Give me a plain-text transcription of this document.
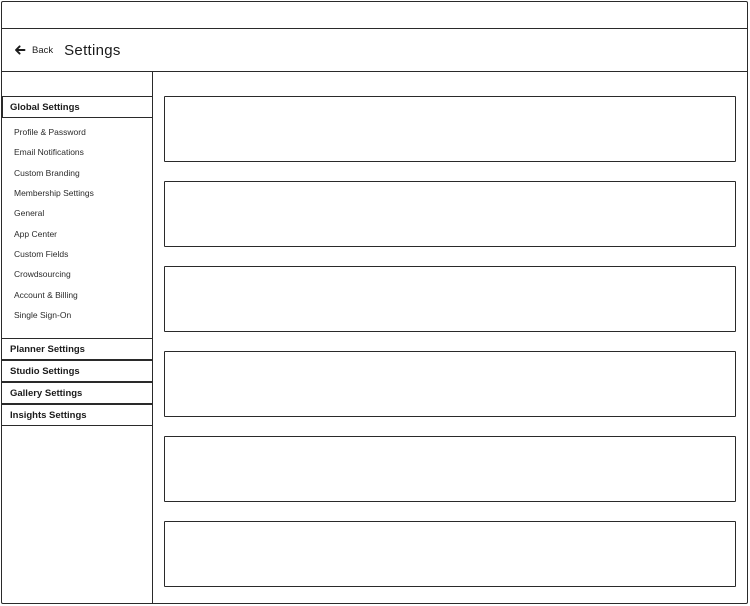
Back Settings
Global Settings
Profile & Password
Email Notifications
Custom Branding
Membership Settings
General
App Center
Custom Fields
Crowdsourcing
Account & Billing
Single Sign-On
Planner Settings
Studio Settings
Gallery Settings
Insights Settings
